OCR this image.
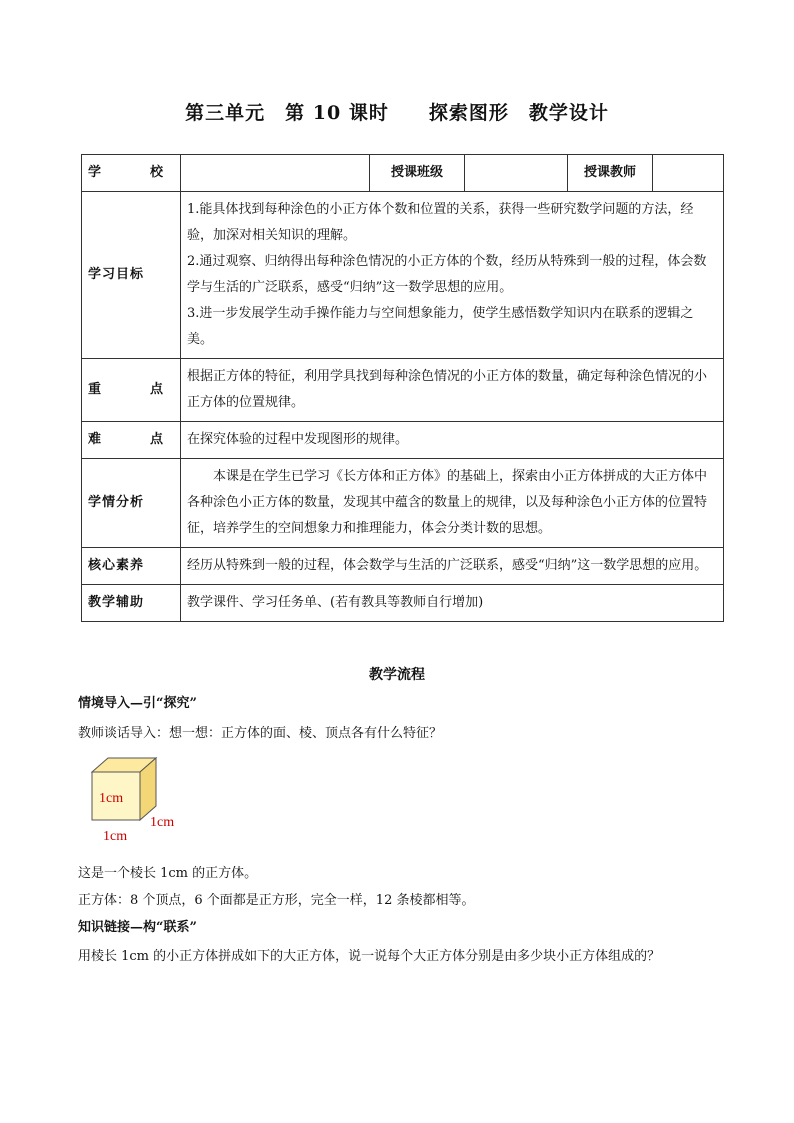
第三单元　第 10 课时　　探索图形　教学设计
学　　校		授课班级		授课教师	
学习目标	1.能具体找到每种涂色的小正方体个数和位置的关系，获得一些研究数学问题的方法，经验，加深对相关知识的理解。

2.通过观察、归纳得出每种涂色情况的小正方体的个数，经历从特殊到一般的过程，体会数学与生活的广泛联系，感受“归纳”这一数学思想的应用。

3.进一步发展学生动手操作能力与空间想象能力，使学生感悟数学知识内在联系的逻辑之美。				

重　　点	根据正方体的特征，利用学具找到每种涂色情况的小正方体的数量，确定每种涂色情况的小正方体的位置规律。				
难　　点	在探究体验的过程中发现图形的规律。				
学情分析	本课是在学生已学习《长方体和正方体》的基础上，探索由小正方体拼成的大正方体中各种涂色小正方体的数量，发现其中蕴含的数量上的规律，以及每种涂色小正方体的位置特征，培养学生的空间想象力和推理能力，体会分类计数的思想。				

核心素养	经历从特殊到一般的过程，体会数学与生活的广泛联系，感受“归纳”这一数学思想的应用。				
教学辅助	教学课件、学习任务单、(若有教具等教师自行增加)				
教学流程
情境导入—引“探究”
教师谈话导入：想一想：正方体的面、棱、顶点各有什么特征？
1cm
1cm
1cm
这是一个棱长 1cm 的正方体。
正方体：8 个顶点，6 个面都是正方形，完全一样，12 条棱都相等。
知识链接—构“联系”
用棱长 1cm 的小正方体拼成如下的大正方体，说一说每个大正方体分别是由多少块小正方体组成的？
